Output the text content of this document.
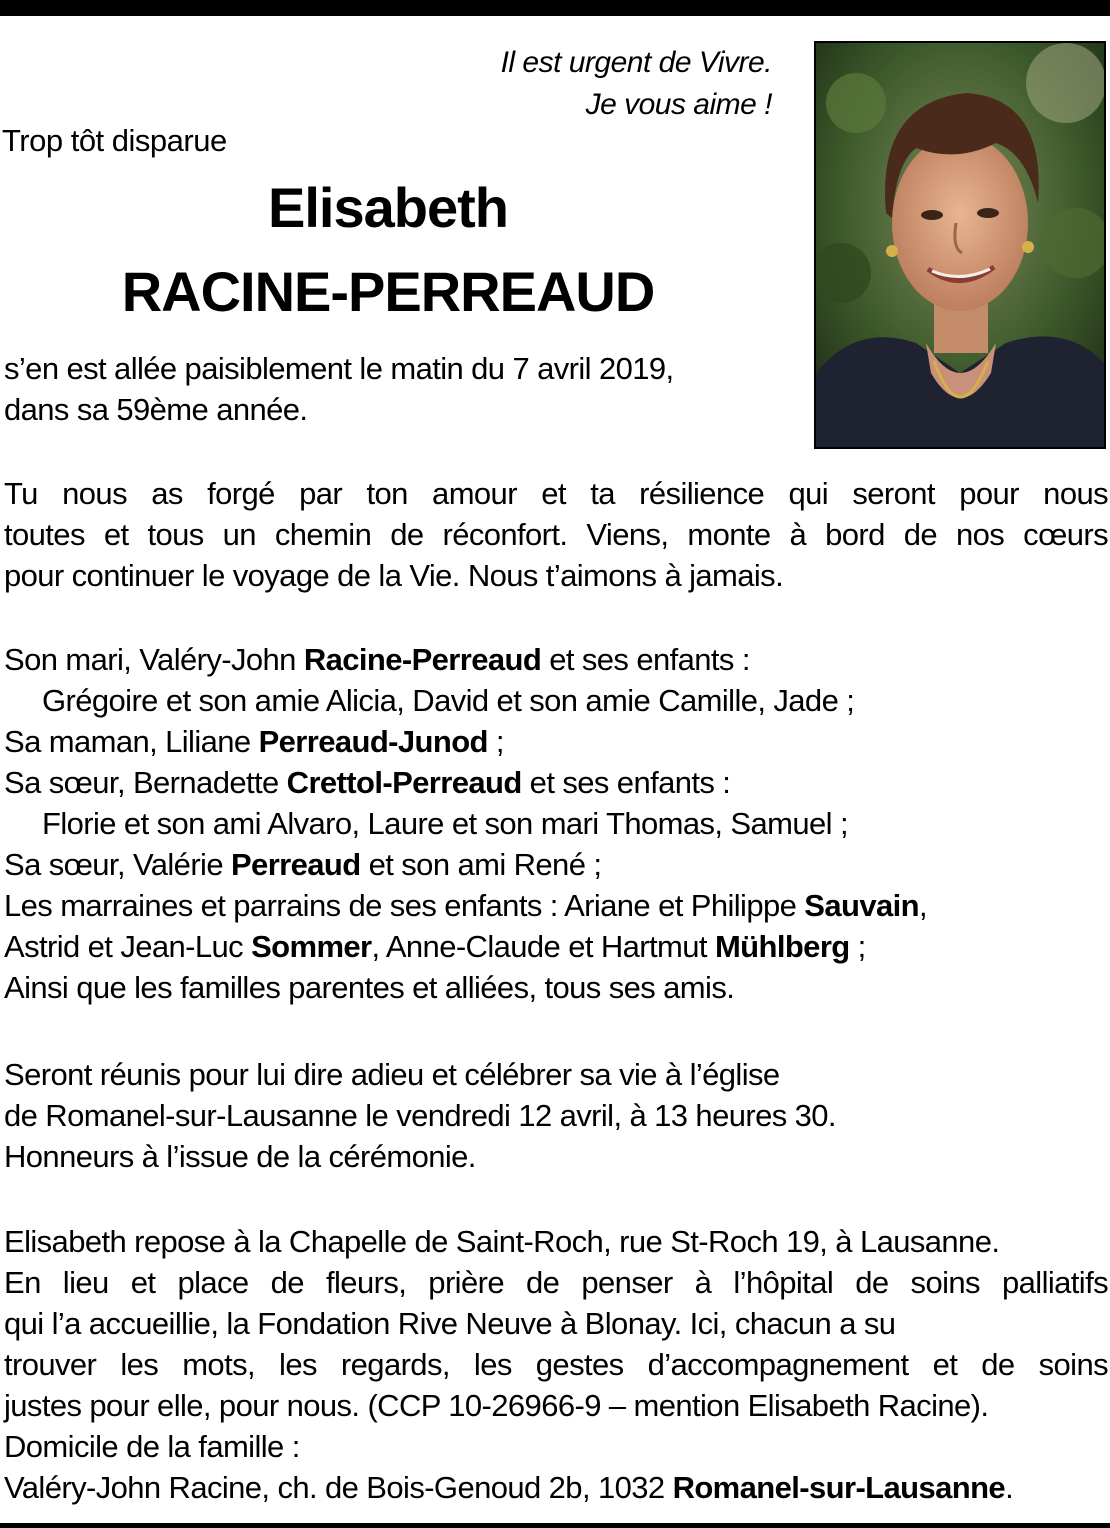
Il est urgent de Vivre.
Je vous aime !
Trop tôt disparue
Elisabeth
RACINE-PERREAUD
s’en est allée paisiblement le matin du 7 avril 2019,
dans sa 59ème année.
Tu nous as forgé par ton amour et ta résilience qui seront pour nous
toutes et tous un chemin de réconfort. Viens, monte à bord de nos cœurs
pour continuer le voyage de la Vie. Nous t’aimons à jamais.
Son mari, Valéry-John Racine-Perreaud et ses enfants :
Grégoire et son amie Alicia, David et son amie Camille, Jade ;
Sa maman, Liliane Perreaud-Junod ;
Sa sœur, Bernadette Crettol-Perreaud et ses enfants :
Florie et son ami Alvaro, Laure et son mari Thomas, Samuel ;
Sa sœur, Valérie Perreaud et son ami René ;
Les marraines et parrains de ses enfants : Ariane et Philippe Sauvain,
Astrid et Jean-Luc Sommer, Anne-Claude et Hartmut Mühlberg ;
Ainsi que les familles parentes et alliées, tous ses amis.
Seront réunis pour lui dire adieu et célébrer sa vie à l’église
de Romanel-sur-Lausanne le vendredi 12 avril, à 13 heures 30.
Honneurs à l’issue de la cérémonie.
Elisabeth repose à la Chapelle de Saint-Roch, rue St-Roch 19, à Lausanne.
En lieu et place de fleurs, prière de penser à l’hôpital de soins palliatifs
qui l’a accueillie, la Fondation Rive Neuve à Blonay. Ici, chacun a su
trouver les mots, les regards, les gestes d’accompagnement et de soins
justes pour elle, pour nous. (CCP 10-26966-9 – mention Elisabeth Racine).
Domicile de la famille :
Valéry-John Racine, ch. de Bois-Genoud 2b, 1032 Romanel-sur-Lausanne.
